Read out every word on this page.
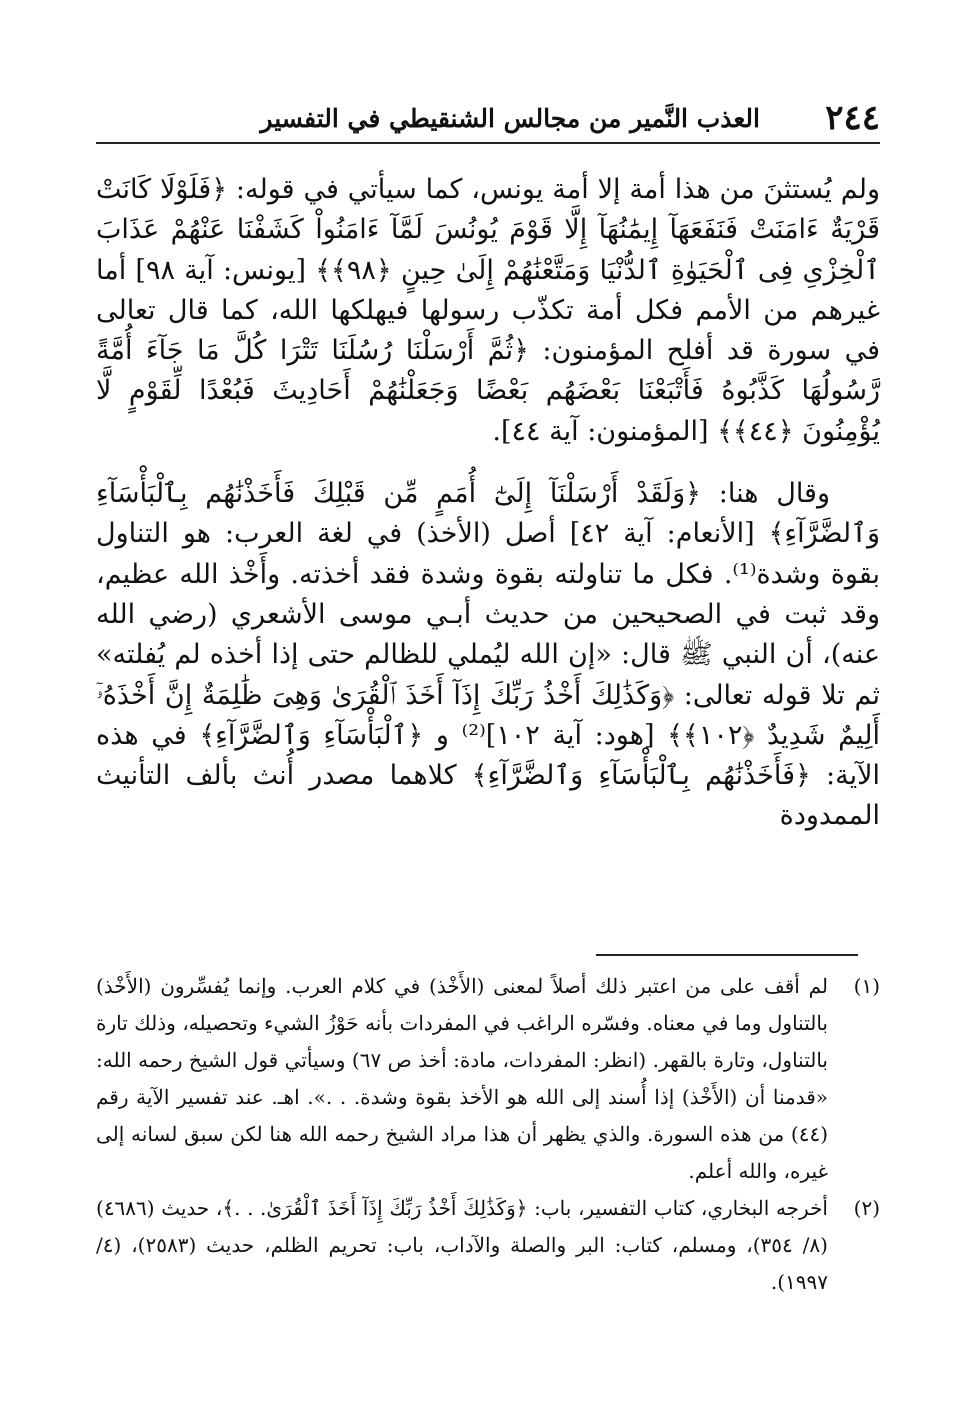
٢٤٤
العذب النَّمير من مجالس الشنقيطي في التفسير

ولم يُستثنَ من هذا أمة إلا أمة يونس، كما سيأتي في قوله: ﴿فَلَوْلَا كَانَتْ قَرْيَةٌ ءَامَنَتْ فَنَفَعَهَآ إِيمَٰنُهَآ إِلَّا قَوْمَ يُونُسَ لَمَّآ ءَامَنُواْ كَشَفْنَا عَنْهُمْ عَذَابَ ٱلْخِزْىِ فِى ٱلْحَيَوٰةِ ٱلدُّنْيَا وَمَتَّعْنَٰهُمْ إِلَىٰ حِينٍ ﴿٩٨﴾﴾ [يونس: آية ٩٨] أما غيرهم من الأمم فكل أمة تكذّب رسولها فيهلكها الله، كما قال تعالى في سورة قد أفلح المؤمنون: ﴿ثُمَّ أَرْسَلْنَا رُسُلَنَا تَتْرَا كُلَّ مَا جَآءَ أُمَّةً رَّسُولُهَا كَذَّبُوهُ فَأَتْبَعْنَا بَعْضَهُم بَعْضًا وَجَعَلْنَٰهُمْ أَحَادِيثَ فَبُعْدًا لِّقَوْمٍ لَّا يُؤْمِنُونَ ﴿٤٤﴾﴾ [المؤمنون: آية ٤٤].

وقال هنا: ﴿وَلَقَدْ أَرْسَلْنَآ إِلَىٰٓ أُمَمٍ مِّن قَبْلِكَ فَأَخَذْنَٰهُم بِٱلْبَأْسَآءِ وَٱلضَّرَّآءِ﴾ [الأنعام: آية ٤٢] أصل (الأخذ) في لغة العرب: هو التناول بقوة وشدة⁽¹⁾. فكل ما تناولته بقوة وشدة فقد أخذته. وأَخْذ الله عظيم، وقد ثبت في الصحيحين من حديث أبـي موسى الأشعري (رضي الله عنه)، أن النبي ﷺ قال: «إن الله ليُملي للظالم حتى إذا أخذه لم يُفلته» ثم تلا قوله تعالى: ﴿وَكَذَٰلِكَ أَخْذُ رَبِّكَ إِذَآ أَخَذَ ٱلْقُرَىٰ وَهِىَ ظَٰلِمَةٌ إِنَّ أَخْذَهُۥٓ أَلِيمٌ شَدِيدٌ ﴿١٠٢﴾﴾ [هود: آية ١٠٢]⁽²⁾ و ﴿ٱلْبَأْسَآءِ وَٱلضَّرَّآءِ﴾ في هذه الآية: ﴿فَأَخَذْنَٰهُم بِٱلْبَأْسَآءِ وَٱلضَّرَّآءِ﴾ كلاهما مصدر أُنث بألف التأنيث الممدودة

(١)
لم أقف على من اعتبر ذلك أصلاً لمعنى (الأَخْذ) في كلام العرب. وإنما يُفسِّرون (الأَخْذ) بالتناول وما في معناه. وفسّره الراغب في المفردات بأنه حَوْزُ الشيء وتحصيله، وذلك تارة بالتناول، وتارة بالقهر. (انظر: المفردات، مادة: أخذ ص ٦٧) وسيأتي قول الشيخ رحمه الله: «قدمنا أن (الأَخْذ) إذا أُسند إلى الله هو الأخذ بقوة وشدة. . .». اهـ. عند تفسير الآية رقم (٤٤) من هذه السورة. والذي يظهر أن هذا مراد الشيخ رحمه الله هنا لكن سبق لسانه إلى غيره، والله أعلم.

(٢)
أخرجه البخاري، كتاب التفسير، باب: ﴿وَكَذَٰلِكَ أَخْذُ رَبِّكَ إِذَآ أَخَذَ ٱلْقُرَىٰ. . .﴾، حديث (٤٦٨٦) (٨/ ٣٥٤)، ومسلم، كتاب: البر والصلة والآداب، باب: تحريم الظلم، حديث (٢٥٨٣)، (٤/ ١٩٩٧).
